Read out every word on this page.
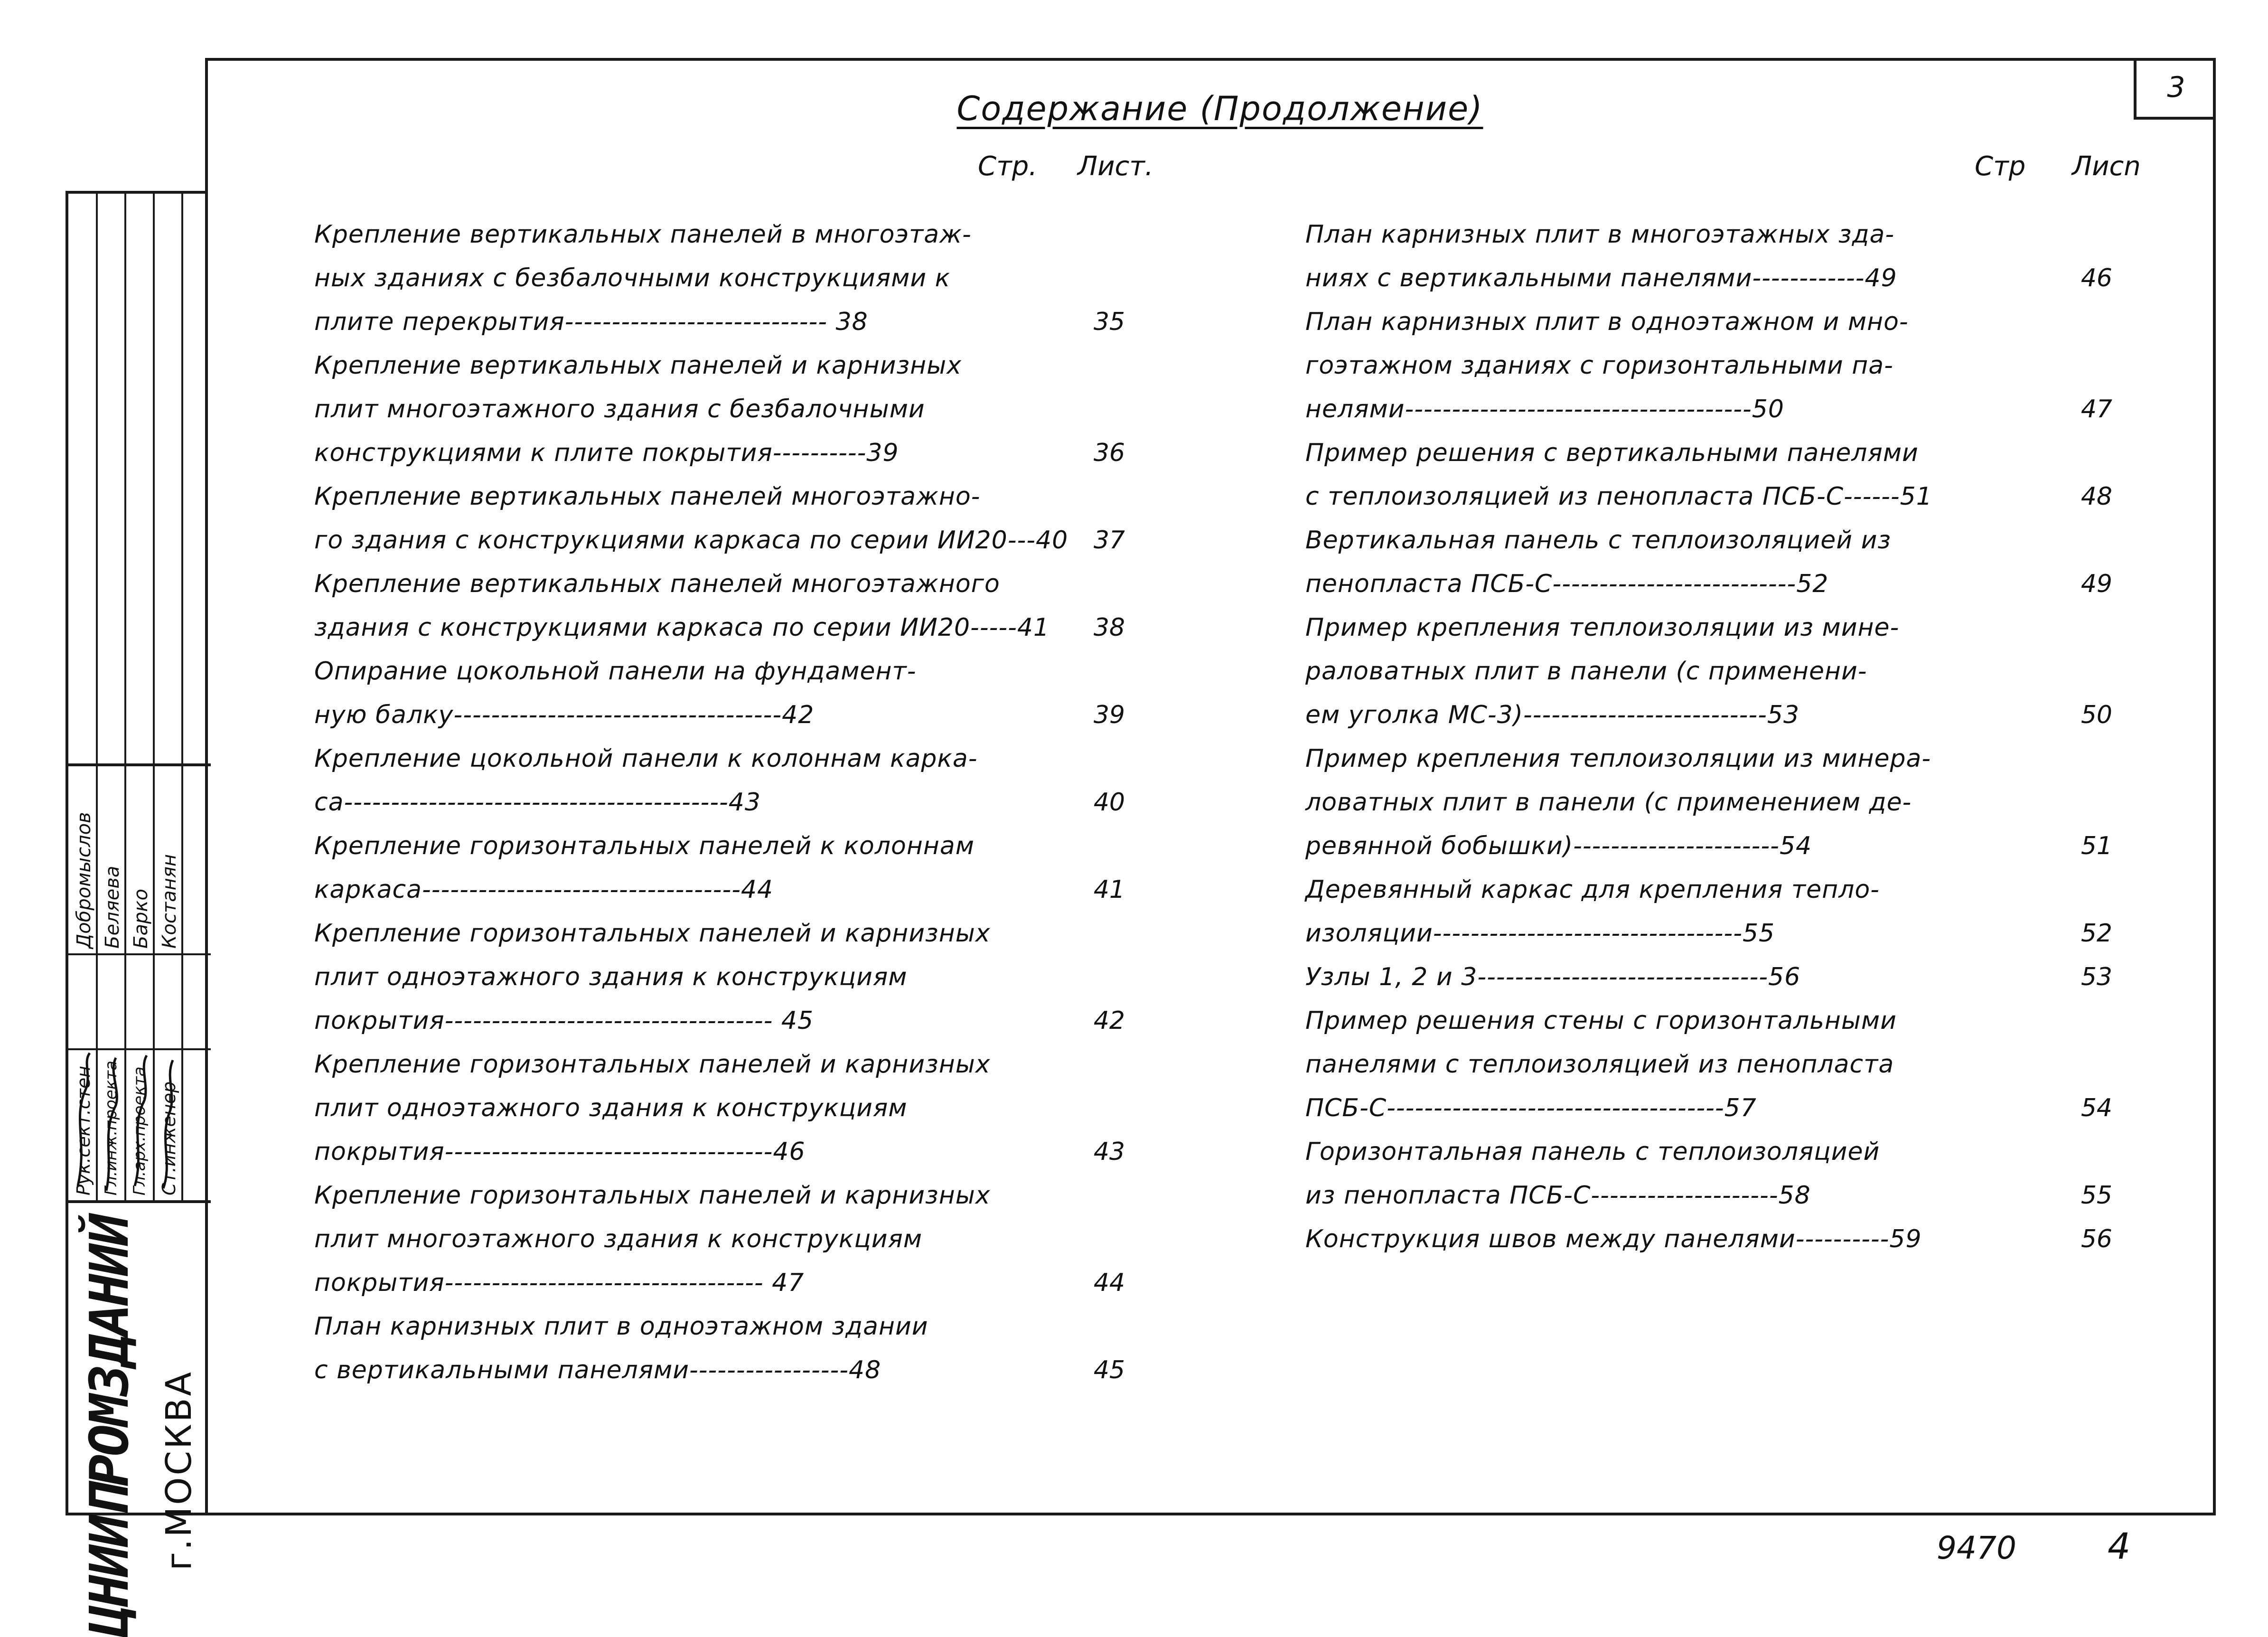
3
Содержание (Продолжение)
Стр. Лист.	Стр Лисn
Крепление вертикальных панелей в многоэтаж-
ных зданиях с безбалочными конструкциями к
плите перекрытия---------------------------- 38	35
Крепление вертикальных панелей и карнизных
плит многоэтажного здания с безбалочными
конструкциями к плите покрытия----------39	36
Крепление вертикальных панелей многоэтажно-
го здания с конструкциями каркаса по серии ИИ20---40	37
Крепление вертикальных панелей многоэтажного
здания с конструкциями каркаса по серии ИИ20-----41	38
Опирание цокольной панели на фундамент-
ную балку-----------------------------------42	39
Крепление цокольной панели к колоннам карка-
са-----------------------------------------43	40
Крепление горизонтальных панелей к колоннам
каркаса----------------------------------44	41
Крепление горизонтальных панелей и карнизных
плит одноэтажного здания к конструкциям
покрытия----------------------------------- 45	42
Крепление горизонтальных панелей и карнизных
плит одноэтажного здания к конструкциям
покрытия-----------------------------------46	43
Крепление горизонтальных панелей и карнизных
плит многоэтажного здания к конструкциям
покрытия---------------------------------- 47	44
План карнизных плит в одноэтажном здании
с вертикальными панелями-----------------48	45
План карнизных плит в многоэтажных зда-
ниях с вертикальными панелями------------49	46
План карнизных плит в одноэтажном и мно-
гоэтажном зданиях с горизонтальными па-
нелями-------------------------------------50	47
Пример решения с вертикальными панелями
с теплоизоляцией из пенопласта ПСБ-С------51	48
Вертикальная панель с теплоизоляцией из
пенопласта ПСБ-С--------------------------52	49
Пример крепления теплоизоляции из мине-
раловатных плит в панели (с применени-
ем уголка МС-3)--------------------------53	50
Пример крепления теплоизоляции из минера-
ловатных плит в панели (с применением де-
ревянной бобышки)----------------------54	51
Деревянный каркас для крепления тепло-
изоляции---------------------------------55	52
Узлы 1, 2 и 3-------------------------------56	53
Пример решения стены с горизонтальными
панелями с теплоизоляцией из пенопласта
ПСБ-С------------------------------------57	54
Горизонтальная панель с теплоизоляцией
из пенопласта ПСБ-С--------------------58	55
Конструкция швов между панелями----------59	56
Рук.сект.стен Гл.инж.проекта Гл.арх.проекта Ст.инженер
Добромыслов Беляева Барко Костанян
ЦНИИПРОМЗДАНИЙ г.МОСКВА	9470	4
